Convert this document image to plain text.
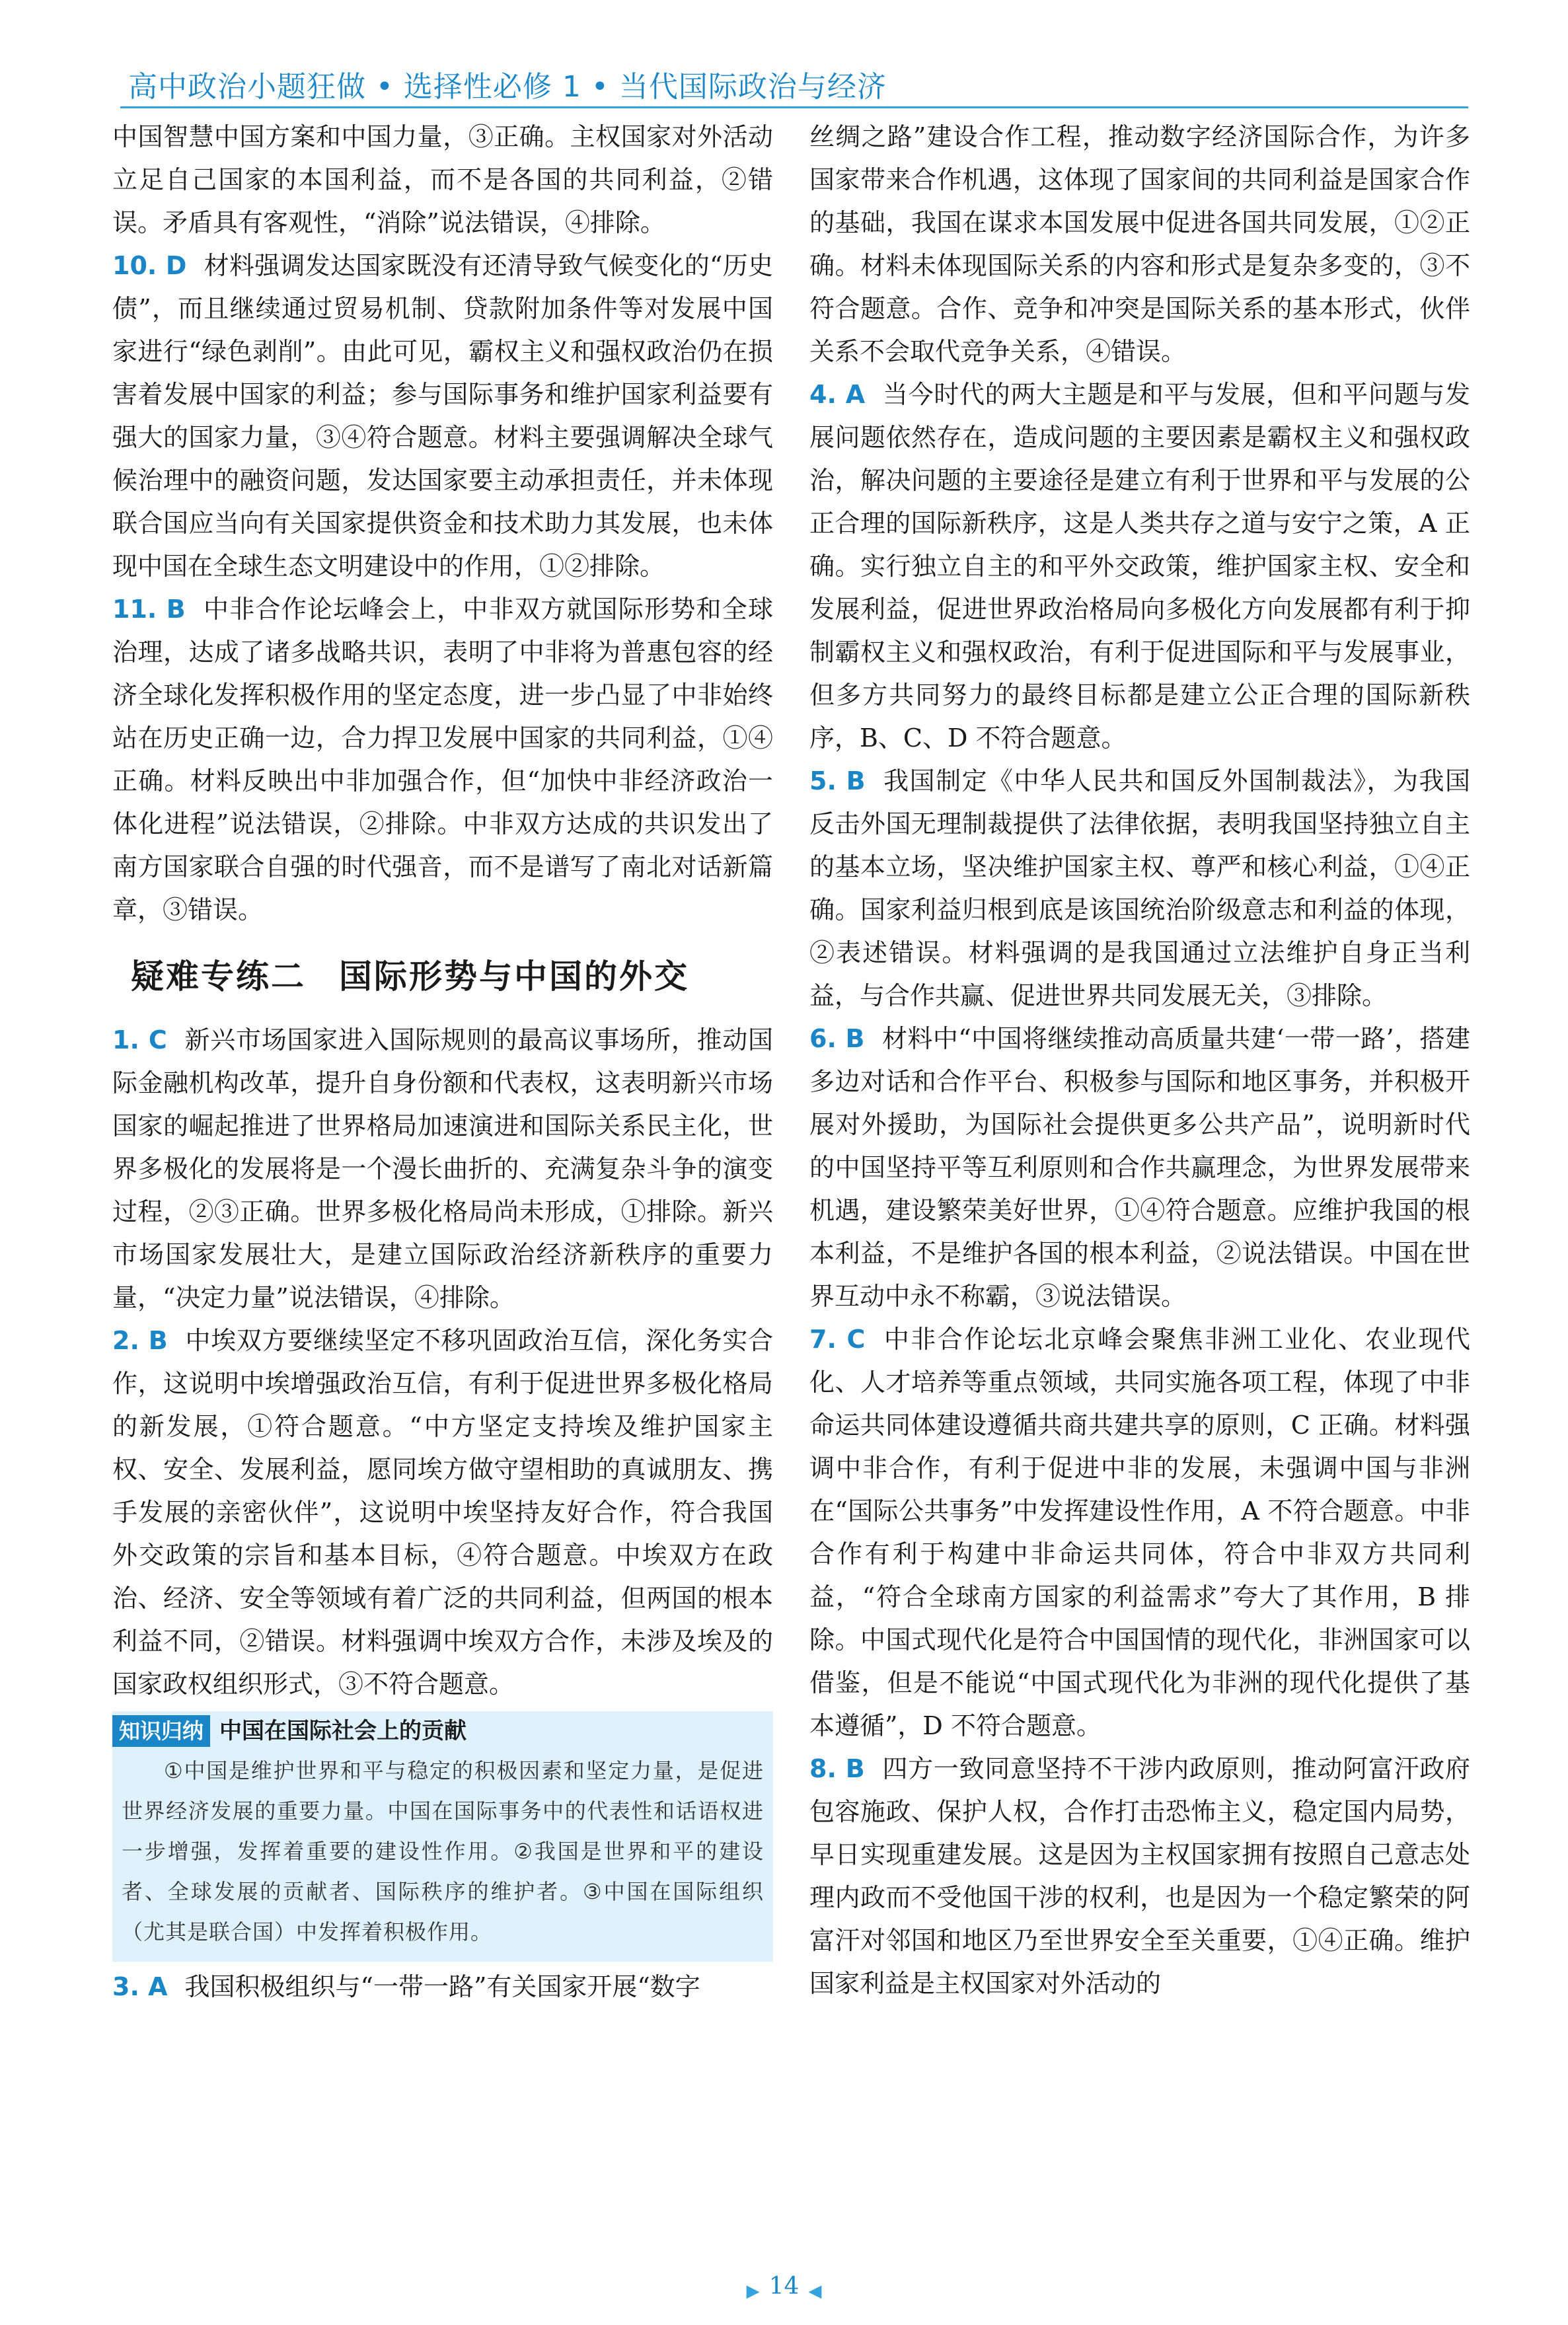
高中政治小题狂做 • 选择性必修 1 • 当代国际政治与经济

中国智慧中国方案和中国力量，③正确。主权国家对外活动立足自己国家的本国利益，而不是各国的共同利益，②错误。矛盾具有客观性，“消除”说法错误，④排除。

10. D 材料强调发达国家既没有还清导致气候变化的“历史债”，而且继续通过贸易机制、贷款附加条件等对发展中国家进行“绿色剥削”。由此可见，霸权主义和强权政治仍在损害着发展中国家的利益；参与国际事务和维护国家利益要有强大的国家力量，③④符合题意。材料主要强调解决全球气候治理中的融资问题，发达国家要主动承担责任，并未体现联合国应当向有关国家提供资金和技术助力其发展，也未体现中国在全球生态文明建设中的作用，①②排除。

11. B 中非合作论坛峰会上，中非双方就国际形势和全球治理，达成了诸多战略共识，表明了中非将为普惠包容的经济全球化发挥积极作用的坚定态度，进一步凸显了中非始终站在历史正确一边，合力捍卫发展中国家的共同利益，①④正确。材料反映出中非加强合作，但“加快中非经济政治一体化进程”说法错误，②排除。中非双方达成的共识发出了南方国家联合自强的时代强音，而不是谱写了南北对话新篇章，③错误。

疑难专练二 国际形势与中国的外交

1. C 新兴市场国家进入国际规则的最高议事场所，推动国际金融机构改革，提升自身份额和代表权，这表明新兴市场国家的崛起推进了世界格局加速演进和国际关系民主化，世界多极化的发展将是一个漫长曲折的、充满复杂斗争的演变过程，②③正确。世界多极化格局尚未形成，①排除。新兴市场国家发展壮大，是建立国际政治经济新秩序的重要力量，“决定力量”说法错误，④排除。

2. B 中埃双方要继续坚定不移巩固政治互信，深化务实合作，这说明中埃增强政治互信，有利于促进世界多极化格局的新发展，①符合题意。“中方坚定支持埃及维护国家主权、安全、发展利益，愿同埃方做守望相助的真诚朋友、携手发展的亲密伙伴”，这说明中埃坚持友好合作，符合我国外交政策的宗旨和基本目标，④符合题意。中埃双方在政治、经济、安全等领域有着广泛的共同利益，但两国的根本利益不同，②错误。材料强调中埃双方合作，未涉及埃及的国家政权组织形式，③不符合题意。

知识归纳 中国在国际社会上的贡献
①中国是维护世界和平与稳定的积极因素和坚定力量，是促进世界经济发展的重要力量。中国在国际事务中的代表性和话语权进一步增强，发挥着重要的建设性作用。②我国是世界和平的建设者、全球发展的贡献者、国际秩序的维护者。③中国在国际组织（尤其是联合国）中发挥着积极作用。

3. A 我国积极组织与“一带一路”有关国家开展“数字

丝绸之路”建设合作工程，推动数字经济国际合作，为许多国家带来合作机遇，这体现了国家间的共同利益是国家合作的基础，我国在谋求本国发展中促进各国共同发展，①②正确。材料未体现国际关系的内容和形式是复杂多变的，③不符合题意。合作、竞争和冲突是国际关系的基本形式，伙伴关系不会取代竞争关系，④错误。

4. A 当今时代的两大主题是和平与发展，但和平问题与发展问题依然存在，造成问题的主要因素是霸权主义和强权政治，解决问题的主要途径是建立有利于世界和平与发展的公正合理的国际新秩序，这是人类共存之道与安宁之策，A 正确。实行独立自主的和平外交政策，维护国家主权、安全和发展利益，促进世界政治格局向多极化方向发展都有利于抑制霸权主义和强权政治，有利于促进国际和平与发展事业，但多方共同努力的最终目标都是建立公正合理的国际新秩序，B、C、D 不符合题意。

5. B 我国制定《中华人民共和国反外国制裁法》，为我国反击外国无理制裁提供了法律依据，表明我国坚持独立自主的基本立场，坚决维护国家主权、尊严和核心利益，①④正确。国家利益归根到底是该国统治阶级意志和利益的体现，②表述错误。材料强调的是我国通过立法维护自身正当利益，与合作共赢、促进世界共同发展无关，③排除。

6. B 材料中“中国将继续推动高质量共建‘一带一路’，搭建多边对话和合作平台、积极参与国际和地区事务，并积极开展对外援助，为国际社会提供更多公共产品”，说明新时代的中国坚持平等互利原则和合作共赢理念，为世界发展带来机遇，建设繁荣美好世界，①④符合题意。应维护我国的根本利益，不是维护各国的根本利益，②说法错误。中国在世界互动中永不称霸，③说法错误。

7. C 中非合作论坛北京峰会聚焦非洲工业化、农业现代化、人才培养等重点领域，共同实施各项工程，体现了中非命运共同体建设遵循共商共建共享的原则，C 正确。材料强调中非合作，有利于促进中非的发展，未强调中国与非洲在“国际公共事务”中发挥建设性作用，A 不符合题意。中非合作有利于构建中非命运共同体，符合中非双方共同利益，“符合全球南方国家的利益需求”夸大了其作用，B 排除。中国式现代化是符合中国国情的现代化，非洲国家可以借鉴，但是不能说“中国式现代化为非洲的现代化提供了基本遵循”，D 不符合题意。

8. B 四方一致同意坚持不干涉内政原则，推动阿富汗政府包容施政、保护人权，合作打击恐怖主义，稳定国内局势，早日实现重建发展。这是因为主权国家拥有按照自己意志处理内政而不受他国干涉的权利，也是因为一个稳定繁荣的阿富汗对邻国和地区乃至世界安全至关重要，①④正确。维护国家利益是主权国家对外活动的

▶ 14 ◀
